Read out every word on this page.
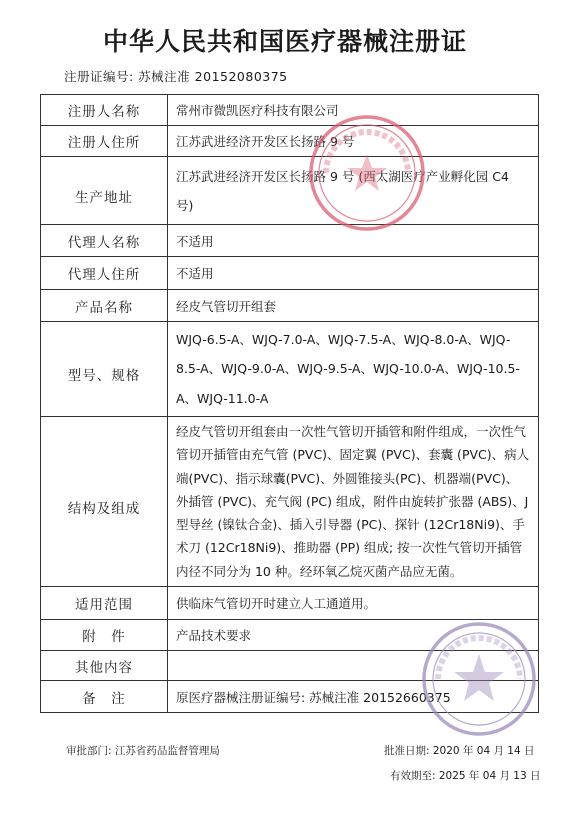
中华人民共和国医疗器械注册证
注册证编号: 苏械注准 20152080375
注册人名称	常州市微凯医疗科技有限公司
注册人住所	江苏武进经济开发区长扬路 9 号
生产地址	江苏武进经济开发区长扬路 9 号 (西太湖医疗产业孵化园 C4 号)
代理人名称	不适用
代理人住所	不适用
产品名称	经皮气管切开组套
型号、规格	WJQ-6.5-A、WJQ-7.0-A、WJQ-7.5-A、WJQ-8.0-A、WJQ-8.5-A、WJQ-9.0-A、WJQ-9.5-A、WJQ-10.0-A、WJQ-10.5-A、WJQ-11.0-A
结构及组成	经皮气管切开组套由一次性气管切开插管和附件组成，一次性气管切开插管由充气管 (PVC)、固定翼 (PVC)、套囊 (PVC)、病人端(PVC)、指示球囊(PVC)、外圆锥接头(PC)、机器端(PVC)、外插管 (PVC)、充气阀 (PC) 组成，附件由旋转扩张器 (ABS)、J 型导丝 (镍钛合金)、插入引导器 (PC)、探针 (12Cr18Ni9)、手术刀 (12Cr18Ni9)、推助器 (PP) 组成; 按一次性气管切开插管内径不同分为 10 种。经环氧乙烷灭菌产品应无菌。
适用范围	供临床气管切开时建立人工通道用。
附　件	产品技术要求
其他内容	
备　注	原医疗器械注册证编号: 苏械注准 20152660375
审批部门: 江苏省药品监督管理局	批准日期: 2020 年 04 月 14 日
有效期至: 2025 年 04 月 13 日
